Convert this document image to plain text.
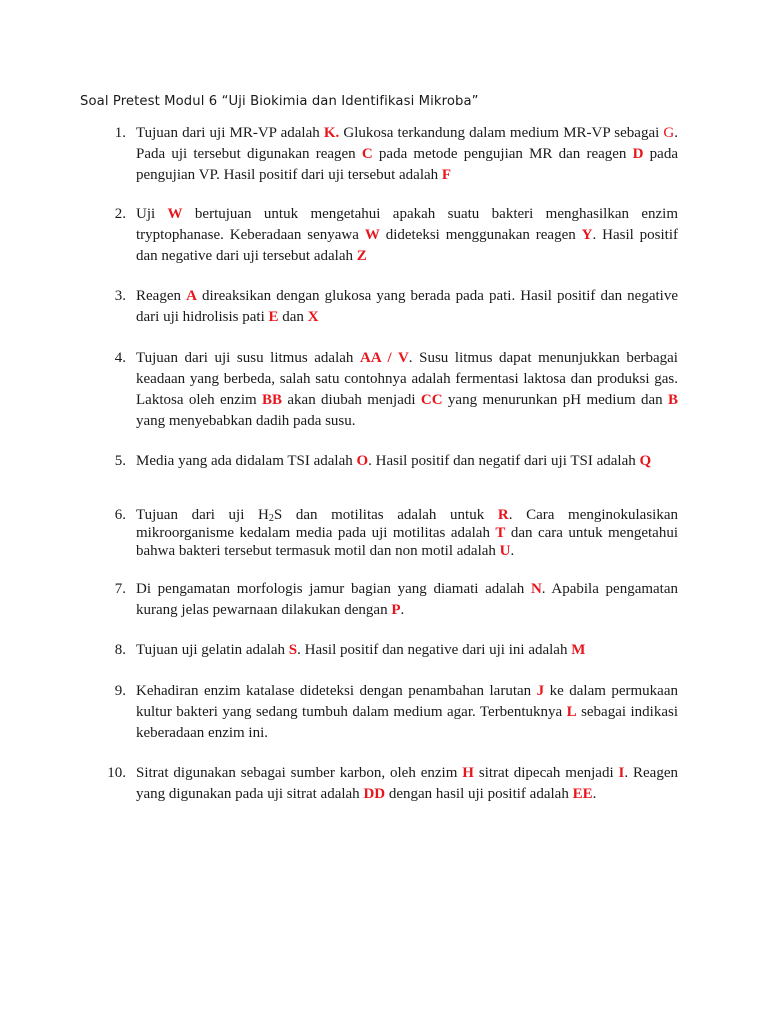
Soal Pretest Modul 6 “Uji Biokimia dan Identifikasi Mikroba”
1. Tujuan dari uji MR-VP adalah K. Glukosa terkandung dalam medium MR-VP sebagai G. Pada uji tersebut digunakan reagen C pada metode pengujian MR dan reagen D pada pengujian VP. Hasil positif dari uji tersebut adalah F
2. Uji W bertujuan untuk mengetahui apakah suatu bakteri menghasilkan enzim tryptophanase. Keberadaan senyawa W dideteksi menggunakan reagen Y. Hasil positif dan negative dari uji tersebut adalah Z
3. Reagen A direaksikan dengan glukosa yang berada pada pati. Hasil positif dan negative dari uji hidrolisis pati E dan X
4. Tujuan dari uji susu litmus adalah AA / V. Susu litmus dapat menunjukkan berbagai keadaan yang berbeda, salah satu contohnya adalah fermentasi laktosa dan produksi gas. Laktosa oleh enzim BB akan diubah menjadi CC yang menurunkan pH medium dan B yang menyebabkan dadih pada susu.
5. Media yang ada didalam TSI adalah O. Hasil positif dan negatif dari uji TSI adalah Q
6. Tujuan dari uji $H_2S$ dan motilitas adalah untuk R. Cara menginokulasikan mikroorganisme kedalam media pada uji motilitas adalah T dan cara untuk mengetahui bahwa bakteri tersebut termasuk motil dan non motil adalah U.
7. Di pengamatan morfologis jamur bagian yang diamati adalah N. Apabila pengamatan kurang jelas pewarnaan dilakukan dengan P.
8. Tujuan uji gelatin adalah S. Hasil positif dan negative dari uji ini adalah M
9. Kehadiran enzim katalase dideteksi dengan penambahan larutan J ke dalam permukaan kultur bakteri yang sedang tumbuh dalam medium agar. Terbentuknya L sebagai indikasi keberadaan enzim ini.
10. Sitrat digunakan sebagai sumber karbon, oleh enzim H sitrat dipecah menjadi I. Reagen yang digunakan pada uji sitrat adalah DD dengan hasil uji positif adalah EE.
